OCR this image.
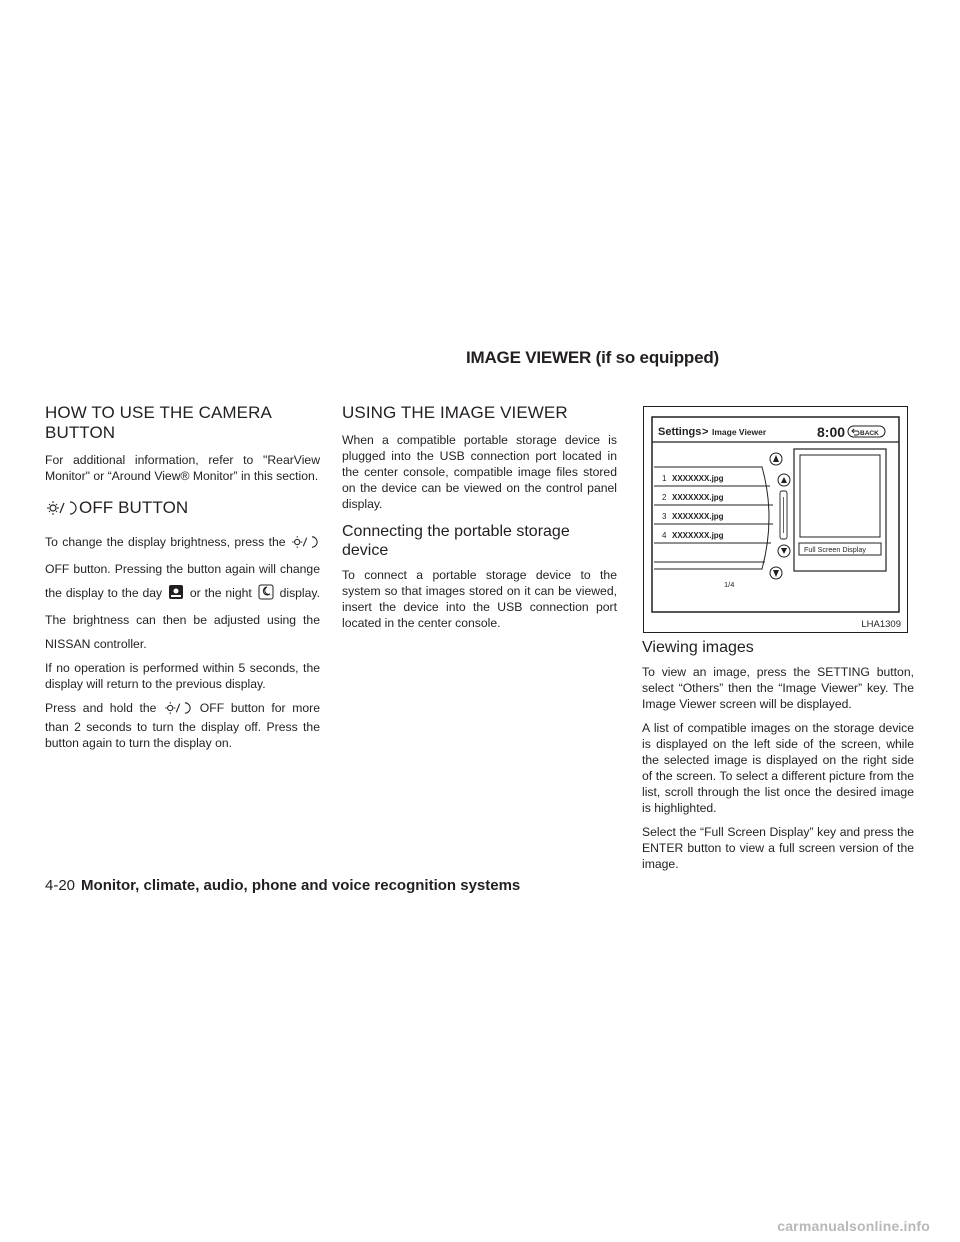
IMAGE VIEWER (if so equipped)
HOW TO USE THE CAMERA BUTTON

For additional information, refer to "RearView Monitor" or “Around View® Monitor” in this section.

OFF BUTTON

To change the display brightness, press the  OFF button. Pressing the button again will change the display to the day or the night display. The brightness can then be adjusted using the NISSAN controller.

If no operation is performed within 5 seconds, the display will return to the previous display.

Press and hold the	OFF button for more than 2 seconds to turn the display off. Press the button again to turn the display on.

USING THE IMAGE VIEWER

When a compatible portable storage device is plugged into the USB connection port located in the center console, compatible image files stored on the device can be viewed on the control panel display.

Connecting the portable storage device

To connect a portable storage device to the system so that images stored on it can be viewed, insert the device into the USB connection port located in the center console.

Settings > Image Viewer	8:00 BACK
1 XXXXXXX.jpg
2 XXXXXXX.jpg
3 XXXXXXX.jpg
4 XXXXXXX.jpg
1/4
Full Screen Display
LHA1309
Viewing images

To view an image, press the SETTING button, select “Others” then the “Image Viewer” key. The Image Viewer screen will be displayed.

A list of compatible images on the storage device is displayed on the left side of the screen, while the selected image is displayed on the right side of the screen. To select a different picture from the list, scroll through the list once the desired image is highlighted.

Select the “Full Screen Display” key and press the ENTER button to view a full screen version of the image.

4-20 Monitor, climate, audio, phone and voice recognition systems
carmanualsonline.info
